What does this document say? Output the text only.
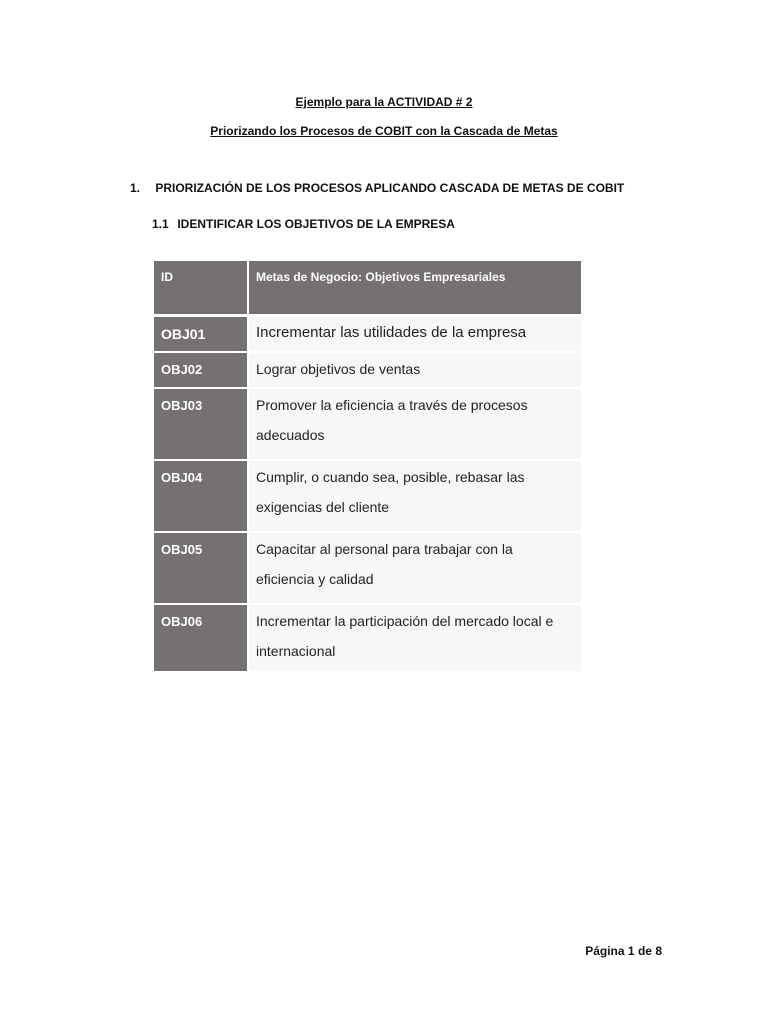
Ejemplo para la ACTIVIDAD # 2
Priorizando los Procesos de COBIT con la Cascada de Metas
1. PRIORIZACIÓN DE LOS PROCESOS APLICANDO CASCADA DE METAS DE COBIT
1.1 IDENTIFICAR LOS OBJETIVOS DE LA EMPRESA
ID	Metas de Negocio: Objetivos Empresariales
OBJ01	Incrementar las utilidades de la empresa
OBJ02	Lograr objetivos de ventas
OBJ03	Promover la eficiencia a través de procesos adecuados
OBJ04	Cumplir, o cuando sea, posible, rebasar las exigencias del cliente
OBJ05	Capacitar al personal para trabajar con la eficiencia y calidad
OBJ06	Incrementar la participación del mercado local e internacional
Página 1 de 8
